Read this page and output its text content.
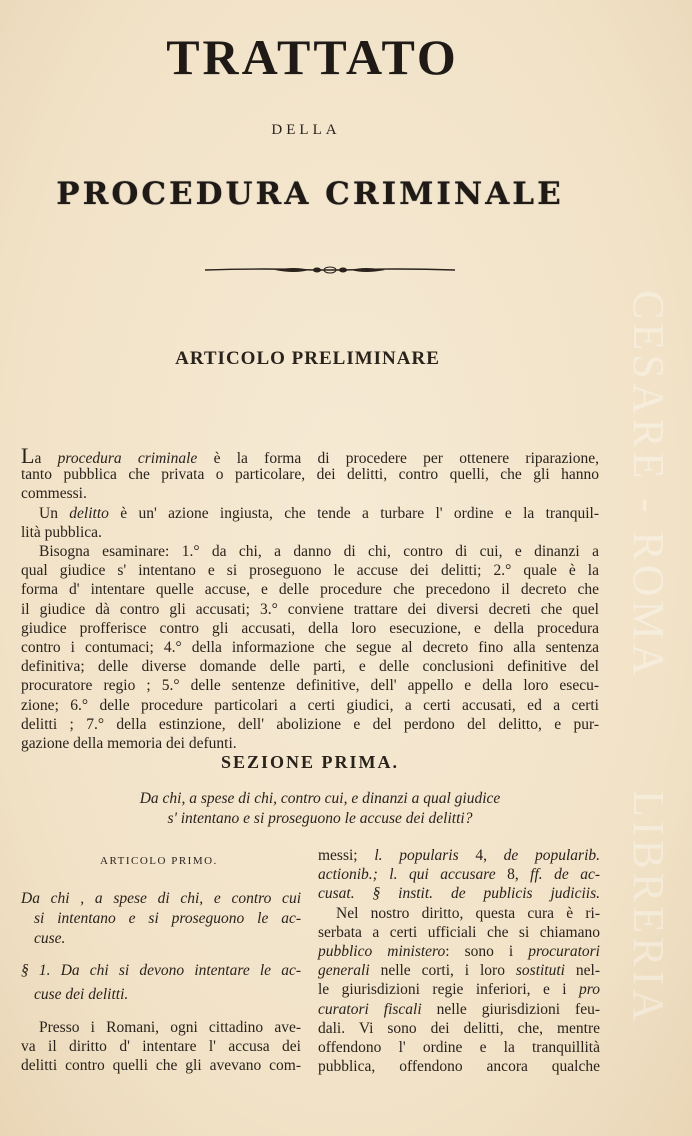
CESARE - ROMA
LIBRERIA
TRATTATO
DELLA
PROCEDURA CRIMINALE
ARTICOLO PRELIMINARE
La procedura criminale è la forma di procedere per ottenere riparazione,
tanto pubblica che privata o particolare, dei delitti, contro quelli, che gli hanno
commessi.
Un delitto è un' azione ingiusta, che tende a turbare l' ordine e la tranquil-
lità pubblica.
Bisogna esaminare: 1.° da chi, a danno di chi, contro di cui, e dinanzi a
qual giudice s' intentano e si proseguono le accuse dei delitti; 2.° quale è la
forma d' intentare quelle accuse, e delle procedure che precedono il decreto che
il giudice dà contro gli accusati; 3.° conviene trattare dei diversi decreti che quel
giudice profferisce contro gli accusati, della loro esecuzione, e della procedura
contro i contumaci; 4.° della informazione che segue al decreto fino alla sentenza
definitiva; delle diverse domande delle parti, e delle conclusioni definitive del
procuratore regio ; 5.° delle sentenze definitive, dell' appello e della loro esecu-
zione; 6.° delle procedure particolari a certi giudici, a certi accusati, ed a certi
delitti ; 7.° della estinzione, dell' abolizione e del perdono del delitto, e pur-
gazione della memoria dei defunti.
SEZIONE PRIMA.
Da chi, a spese di chi, contro cui, e dinanzi a qual giudice
s' intentano e si proseguono le accuse dei delitti?
ARTICOLO PRIMO.
Da chi , a spese di chi, e contro cui
si intentano e si proseguono le ac-
cuse.
§ 1. Da chi si devono intentare le ac-
cuse dei delitti.
Presso i Romani, ogni cittadino ave-
va il diritto d' intentare l' accusa dei
delitti contro quelli che gli avevano com-
messi; l. popularis 4, de popularib.
actionib.; l. qui accusare 8, ff. de ac-
cusat. § instit. de publicis judiciis.
Nel nostro diritto, questa cura è ri-
serbata a certi ufficiali che si chiamano
pubblico ministero: sono i procuratori
generali nelle corti, i loro sostituti nel-
le giurisdizioni regie inferiori, e i pro
curatori fiscali nelle giurisdizioni feu-
dali. Vi sono dei delitti, che, mentre
offendono l' ordine e la tranquillità
pubblica, offendono ancora qualche
